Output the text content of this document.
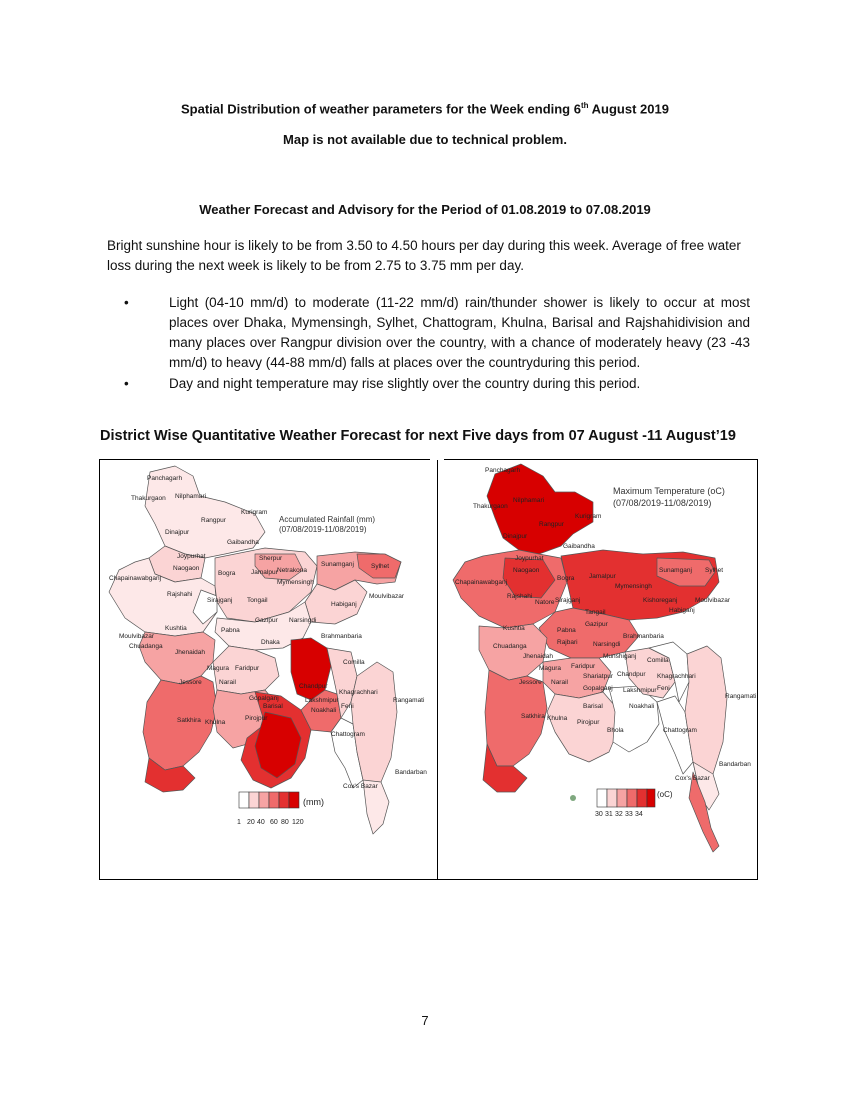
Spatial Distribution of weather parameters for the Week ending 6th August 2019
Map is not available due to technical problem.
Weather Forecast and Advisory for the Period of 01.08.2019 to 07.08.2019
Bright sunshine hour is likely to be from 3.50 to 4.50 hours per day during this week. Average of free water loss during the next week is likely to be from 2.75 to 3.75 mm per day.
•	Light (04-10 mm/d) to moderate (11-22 mm/d) rain/thunder shower is likely to occur at most places over Dhaka, Mymensingh, Sylhet, Chattogram, Khulna, Barisal and Rajshahidivision and many places over Rangpur division over the country, with a chance of moderately heavy (23 -43 mm/d) to heavy (44-88 mm/d) falls at places over the countryduring this period.
•	Day and night temperature may rise slightly over the country during this period.
District Wise Quantitative Weather Forecast for next Five days from 07 August -11 August’19
Panchagarh
Thakurgaon Nilphamari
Dinajpur
Rangpur
Kurigram
Gaibandha
Joypurhat
Naogaon
Bogra
Sherpur
Netrakona
Sunamganj	Sylhet
Jamalpur
Mymensingh
Chapainawabganj
Rajshahi
Sirajganj Tongail
Habiganj
Moulvibazar
Kushtia	Pabna
Gazipur Narsingdi
Moulvibazar
Chuadanga
Jhenaidah
Dhaka
Brahmanbaria
Magura Faridpur
Comilla
Jessore	Narail
Chandpur
Khagrachhari
Gopalganj	Lakshmipur
Feni
Rangamati
Satkhira Khulna
Pirojpur
Noakhali
Barisal
Chattogram
Bandarban
Cox's Bazar
Accumulated Rainfall (mm)
(07/08/2019-11/08/2019)
(mm)
1 20 40 60 80 120
Panchagarh
Thakurgaon
Nilphamari
Dinajpur
Rangpur
Kurigram
Gaibandha
Joypurhat
Naogaon
Bogra Jamalpur
Sunamganj Sylhet
Chapainawabganj
Rajshahi
Natore Sirajganj
Tangail
Mymensingh
Kishoreganj
Habiganj
Moulvibazar
Kushtia	Pabna
Gazipur
Brahmanbaria
Chuadanga
Jhenaidah
Rajbari Narsingdi
Comilla
Magura Faridpur
Munshiganj
Chandpur Khagrachhari
Jessore Narail
Gopalganj
Shariatpur
Lakshmipur Feni
Rangamati
Satkhira Khulna
Barisal	Noakhali
Pirojpur
Bhola	Chattogram
Bandarban
Cox's Bazar
Maximum Temperature (oC)
(07/08/2019-11/08/2019)
(oC)
30 31 32 33 34
7
